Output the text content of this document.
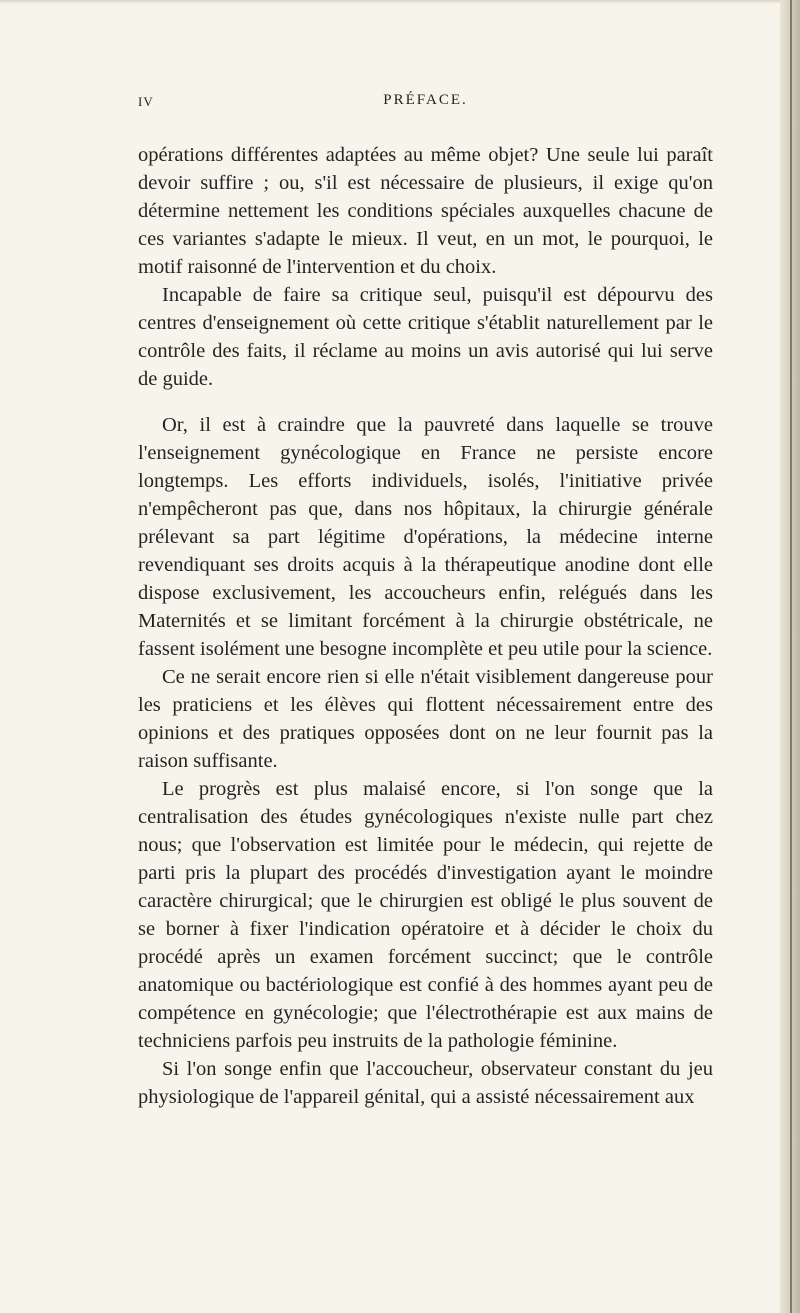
IV	PRÉFACE.

opérations différentes adaptées au même objet? Une seule lui paraît devoir suffire ; ou, s'il est nécessaire de plusieurs, il exige qu'on détermine nettement les conditions spéciales auxquelles chacune de ces variantes s'adapte le mieux. Il veut, en un mot, le pourquoi, le motif raisonné de l'intervention et du choix.

Incapable de faire sa critique seul, puisqu'il est dépourvu des centres d'enseignement où cette critique s'établit naturellement par le contrôle des faits, il réclame au moins un avis autorisé qui lui serve de guide.

Or, il est à craindre que la pauvreté dans laquelle se trouve l'enseignement gynécologique en France ne persiste encore longtemps. Les efforts individuels, isolés, l'initiative privée n'empêcheront pas que, dans nos hôpitaux, la chirurgie générale prélevant sa part légitime d'opérations, la médecine interne revendiquant ses droits acquis à la thérapeutique anodine dont elle dispose exclusivement, les accoucheurs enfin, relégués dans les Maternités et se limitant forcément à la chirurgie obstétricale, ne fassent isolément une besogne incomplète et peu utile pour la science.

Ce ne serait encore rien si elle n'était visiblement dangereuse pour les praticiens et les élèves qui flottent nécessairement entre des opinions et des pratiques opposées dont on ne leur fournit pas la raison suffisante.

Le progrès est plus malaisé encore, si l'on songe que la centralisation des études gynécologiques n'existe nulle part chez nous; que l'observation est limitée pour le médecin, qui rejette de parti pris la plupart des procédés d'investigation ayant le moindre caractère chirurgical; que le chirurgien est obligé le plus souvent de se borner à fixer l'indication opératoire et à décider le choix du procédé après un examen forcément succinct; que le contrôle anatomique ou bactériologique est confié à des hommes ayant peu de compétence en gynécologie; que l'électrothérapie est aux mains de techniciens parfois peu instruits de la pathologie féminine.

Si l'on songe enfin que l'accoucheur, observateur constant du jeu physiologique de l'appareil génital, qui a assisté nécessairement aux
